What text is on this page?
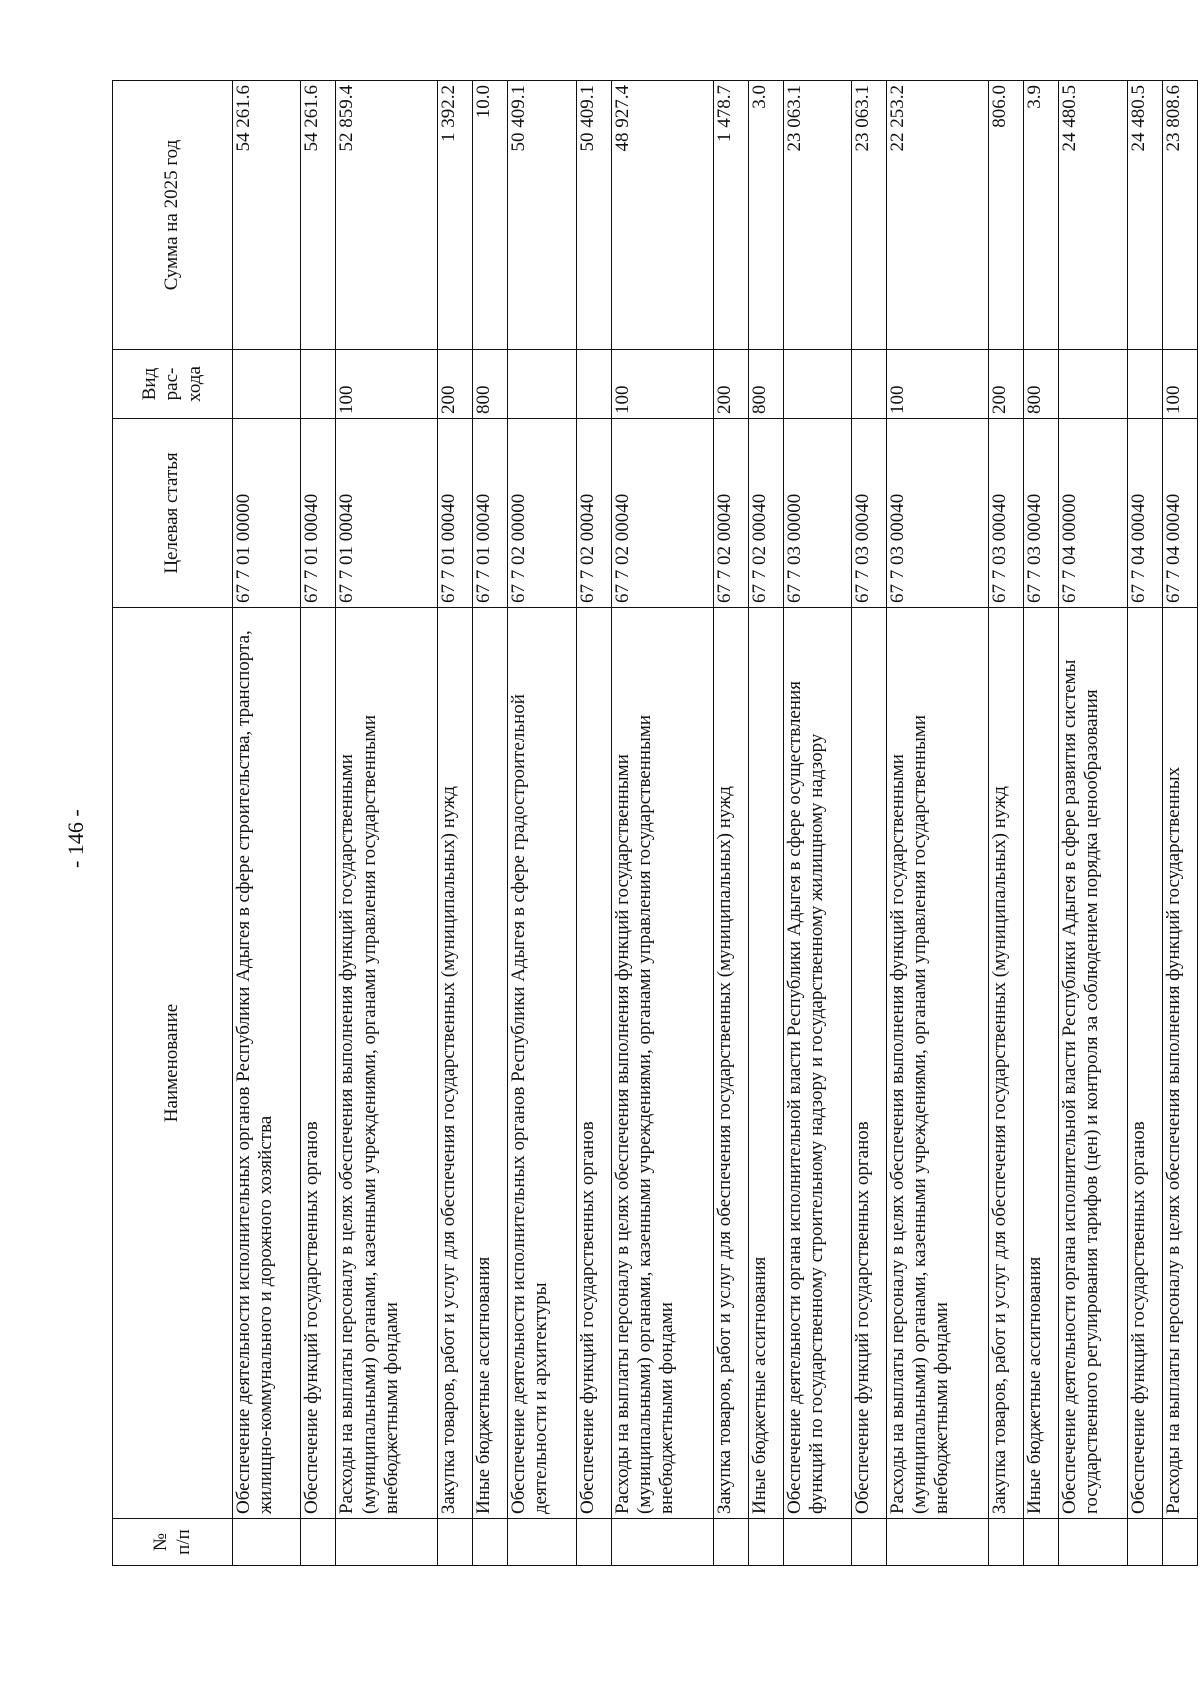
- 146 -
№ п/п	Наименование	Целевая статья	Вид рас-хода	Сумма на 2025 год
	Обеспечение деятельности исполнительных органов Республики Адыгея в сфере строительства, транспорта, жилищно-коммунального и дорожного хозяйства	67 7 01 00000		54 261.6
	Обеспечение функций государственных органов	67 7 01 00040		54 261.6
	Расходы на выплаты персоналу в целях обеспечения выполнения функций государственными (муниципальными) органами, казенными учреждениями, органами управления государственными внебюджетными фондами	67 7 01 00040	100	52 859.4
	Закупка товаров, работ и услуг для обеспечения государственных (муниципальных) нужд	67 7 01 00040	200	1 392.2
	Иные бюджетные ассигнования	67 7 01 00040	800	10.0
	Обеспечение деятельности исполнительных органов Республики Адыгея в сфере градостроительной деятельности и архитектуры	67 7 02 00000		50 409.1
	Обеспечение функций государственных органов	67 7 02 00040		50 409.1
	Расходы на выплаты персоналу в целях обеспечения выполнения функций государственными (муниципальными) органами, казенными учреждениями, органами управления государственными внебюджетными фондами	67 7 02 00040	100	48 927.4
	Закупка товаров, работ и услуг для обеспечения государственных (муниципальных) нужд	67 7 02 00040	200	1 478.7
	Иные бюджетные ассигнования	67 7 02 00040	800	3.0
	Обеспечение деятельности органа исполнительной власти Республики Адыгея в сфере осуществления функций по государственному строительному надзору и государственному жилищному надзору	67 7 03 00000		23 063.1
	Обеспечение функций государственных органов	67 7 03 00040		23 063.1
	Расходы на выплаты персоналу в целях обеспечения выполнения функций государственными (муниципальными) органами, казенными учреждениями, органами управления государственными внебюджетными фондами	67 7 03 00040	100	22 253.2
	Закупка товаров, работ и услуг для обеспечения государственных (муниципальных) нужд	67 7 03 00040	200	806.0
	Иные бюджетные ассигнования	67 7 03 00040	800	3.9
	Обеспечение деятельности органа исполнительной власти Республики Адыгея в сфере развития системы государственного регулирования тарифов (цен) и контроля за соблюдением порядка ценообразования	67 7 04 00000		24 480.5
	Обеспечение функций государственных органов	67 7 04 00040		24 480.5
	Расходы на выплаты персоналу в целях обеспечения выполнения функций государственных	67 7 04 00040	100	23 808.6
